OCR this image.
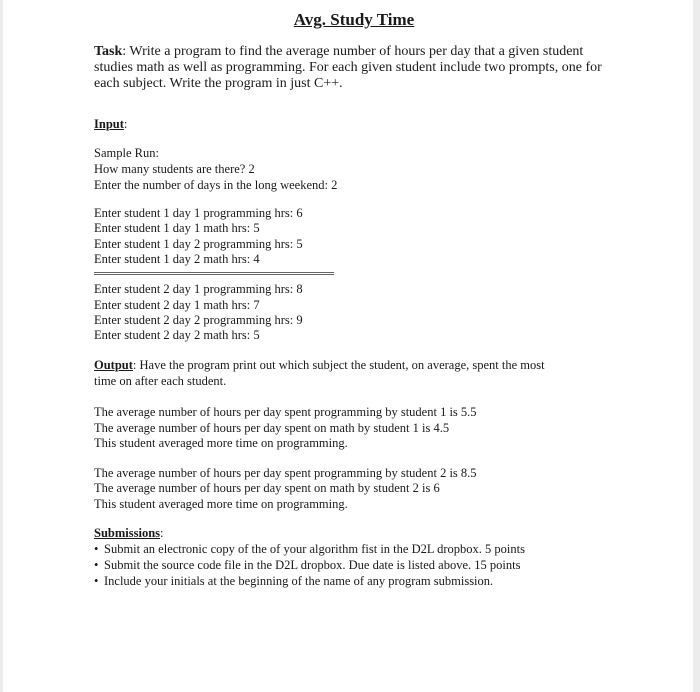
Avg. Study Time
Task: Write a program to find the average number of hours per day that a given student studies math as well as programming. For each given student include two prompts, one for each subject. Write the program in just C++.
Input:
Sample Run:
How many students are there? 2
Enter the number of days in the long weekend: 2
Enter student 1 day 1 programming hrs: 6
Enter student 1 day 1 math hrs: 5
Enter student 1 day 2 programming hrs: 5
Enter student 1 day 2 math hrs: 4
Enter student 2 day 1 programming hrs: 8
Enter student 2 day 1 math hrs: 7
Enter student 2 day 2 programming hrs: 9
Enter student 2 day 2 math hrs: 5
Output: Have the program print out which subject the student, on average, spent the most
time on after each student.
The average number of hours per day spent programming by student 1 is 5.5
The average number of hours per day spent on math by student 1 is 4.5
This student averaged more time on programming.
The average number of hours per day spent programming by student 2 is 8.5
The average number of hours per day spent on math by student 2 is 6
This student averaged more time on programming.
Submissions:
• Submit an electronic copy of the of your algorithm fist in the D2L dropbox. 5 points
• Submit the source code file in the D2L dropbox. Due date is listed above. 15 points
• Include your initials at the beginning of the name of any program submission.
